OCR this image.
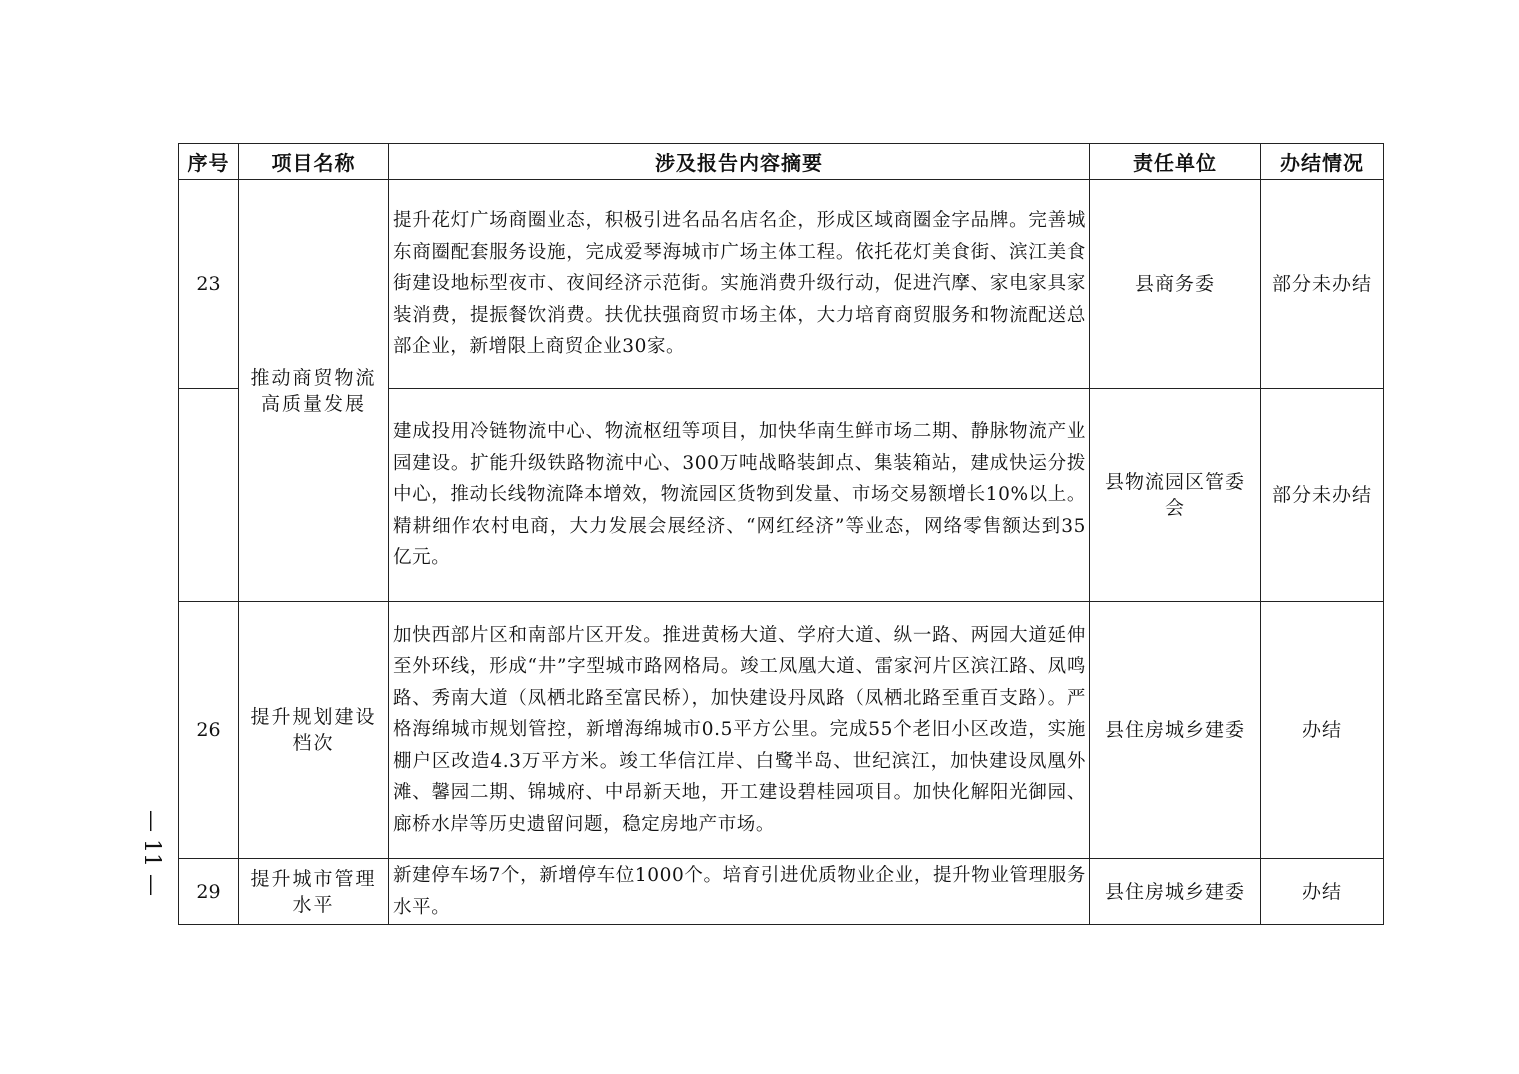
序号	项目名称	涉及报告内容摘要	责任单位	办结情况
23	推动商贸物流高质量发展	提升花灯广场商圈业态，积极引进名品名店名企，形成区域商圈金字品牌。完善城东商圈配套服务设施，完成爱琴海城市广场主体工程。依托花灯美食街、滨江美食街建设地标型夜市、夜间经济示范街。实施消费升级行动，促进汽摩、家电家具家装消费，提振餐饮消费。扶优扶强商贸市场主体，大力培育商贸服务和物流配送总部企业，新增限上商贸企业30家。	县商务委	部分未办结
		建成投用冷链物流中心、物流枢纽等项目，加快华南生鲜市场二期、静脉物流产业园建设。扩能升级铁路物流中心、300万吨战略装卸点、集装箱站，建成快运分拨中心，推动长线物流降本增效，物流园区货物到发量、市场交易额增长10%以上。精耕细作农村电商，大力发展会展经济、“网红经济”等业态，网络零售额达到35亿元。	县物流园区管委会	部分未办结
26	提升规划建设档次	加快西部片区和南部片区开发。推进黄杨大道、学府大道、纵一路、两园大道延伸至外环线，形成“井”字型城市路网格局。竣工凤凰大道、雷家河片区滨江路、凤鸣路、秀南大道（凤栖北路至富民桥），加快建设丹凤路（凤栖北路至重百支路）。严格海绵城市规划管控，新增海绵城市0.5平方公里。完成55个老旧小区改造，实施棚户区改造4.3万平方米。竣工华信江岸、白鹭半岛、世纪滨江，加快建设凤凰外滩、馨园二期、锦城府、中昂新天地，开工建设碧桂园项目。加快化解阳光御园、廊桥水岸等历史遗留问题，稳定房地产市场。	县住房城乡建委	办结
29	提升城市管理水平	新建停车场7个，新增停车位1000个。培育引进优质物业企业，提升物业管理服务水平。	县住房城乡建委	办结
— 11 —
